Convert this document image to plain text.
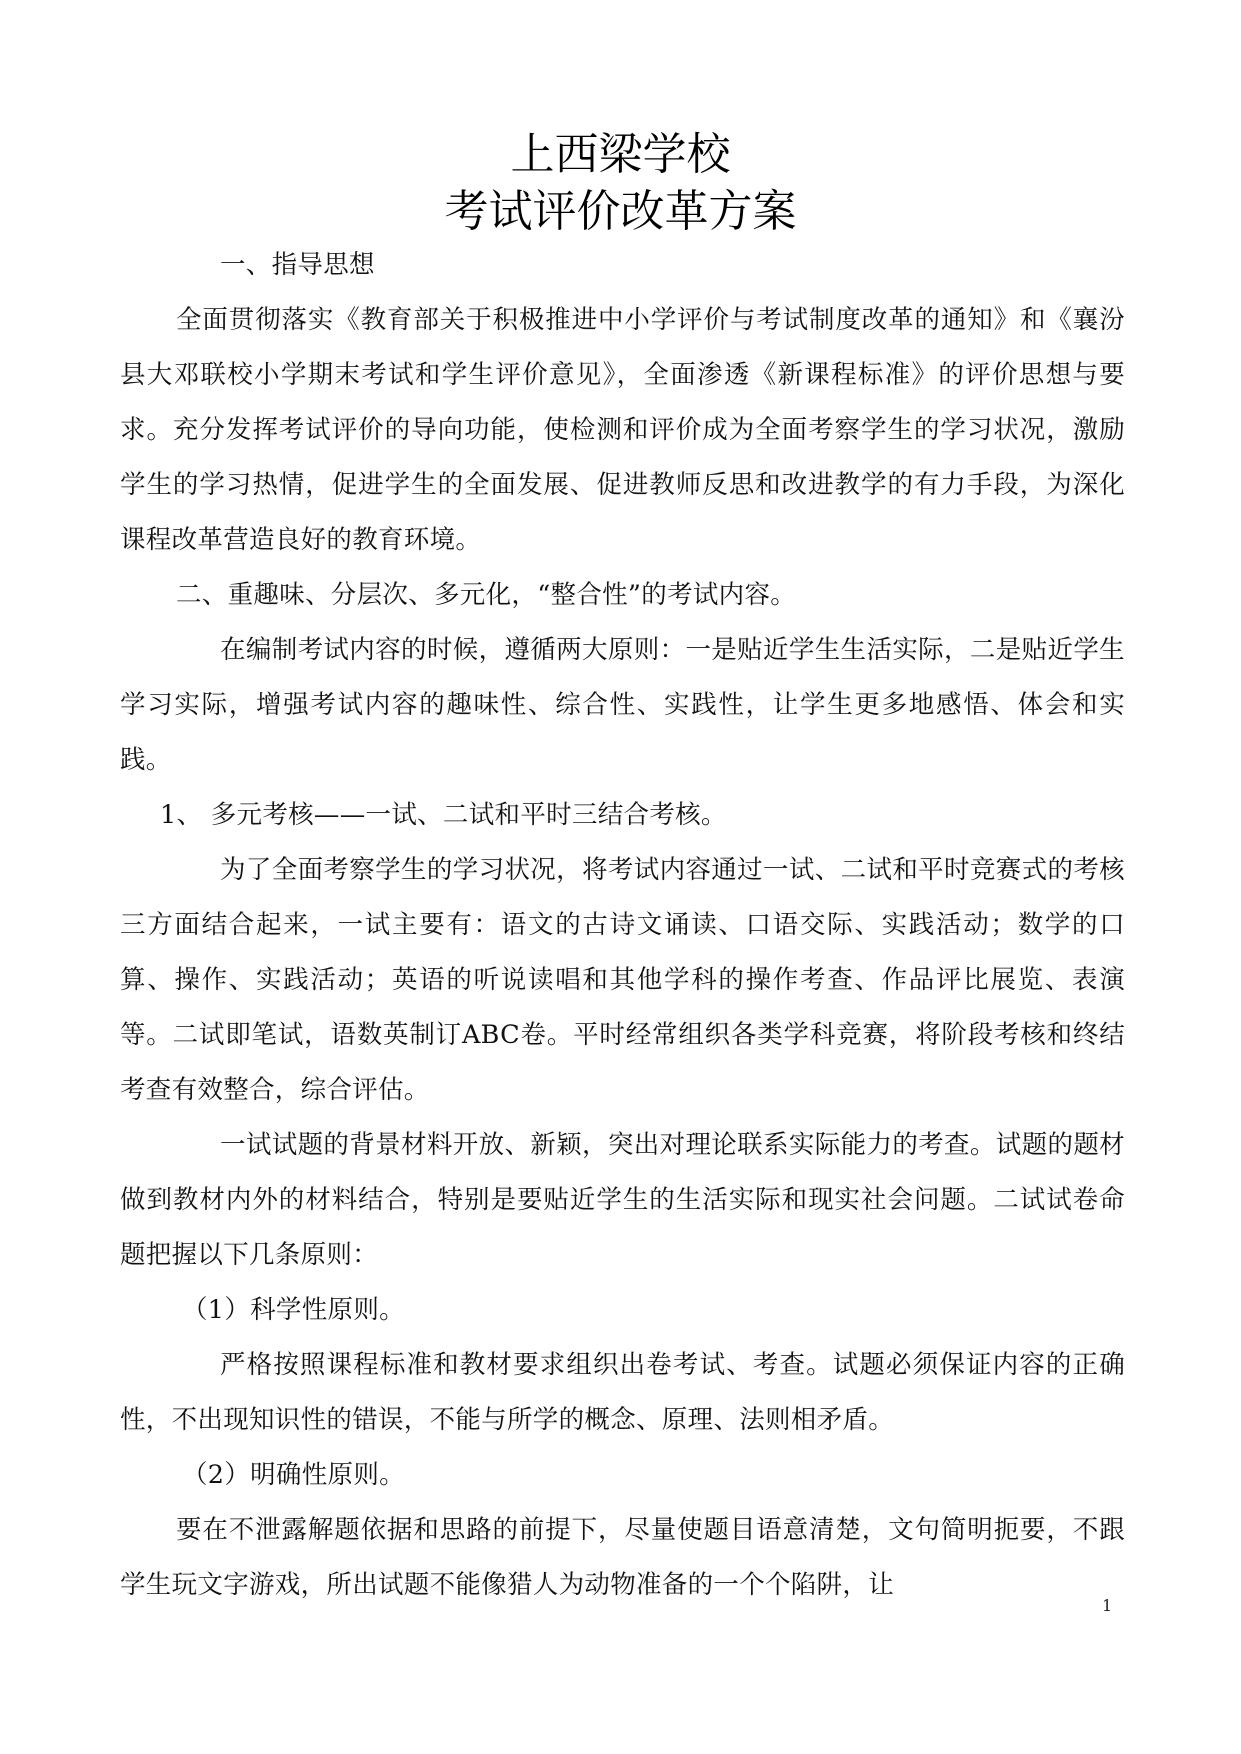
上西梁学校
考试评价改革方案

一、指导思想

全面贯彻落实《教育部关于积极推进中小学评价与考试制度改革的通知》和《襄汾县大邓联校小学期末考试和学生评价意见》，全面渗透《新课程标准》的评价思想与要求。充分发挥考试评价的导向功能，使检测和评价成为全面考察学生的学习状况，激励学生的学习热情，促进学生的全面发展、促进教师反思和改进教学的有力手段，为深化课程改革营造良好的教育环境。

二、重趣味、分层次、多元化，“整合性”的考试内容。

在编制考试内容的时候，遵循两大原则：一是贴近学生生活实际，二是贴近学生学习实际，增强考试内容的趣味性、综合性、实践性，让学生更多地感悟、体会和实践。

1、 多元考核——一试、二试和平时三结合考核。

为了全面考察学生的学习状况，将考试内容通过一试、二试和平时竞赛式的考核三方面结合起来，一试主要有：语文的古诗文诵读、口语交际、实践活动；数学的口算、操作、实践活动；英语的听说读唱和其他学科的操作考查、作品评比展览、表演等。二试即笔试，语数英制订ABC卷。平时经常组织各类学科竞赛，将阶段考核和终结考查有效整合，综合评估。

一试试题的背景材料开放、新颖，突出对理论联系实际能力的考查。试题的题材做到教材内外的材料结合，特别是要贴近学生的生活实际和现实社会问题。二试试卷命题把握以下几条原则：

（1）科学性原则。

严格按照课程标准和教材要求组织出卷考试、考查。试题必须保证内容的正确性，不出现知识性的错误，不能与所学的概念、原理、法则相矛盾。

（2）明确性原则。

要在不泄露解题依据和思路的前提下，尽量使题目语意清楚，文句简明扼要，不跟学生玩文字游戏，所出试题不能像猎人为动物准备的一个个陷阱，让

1
